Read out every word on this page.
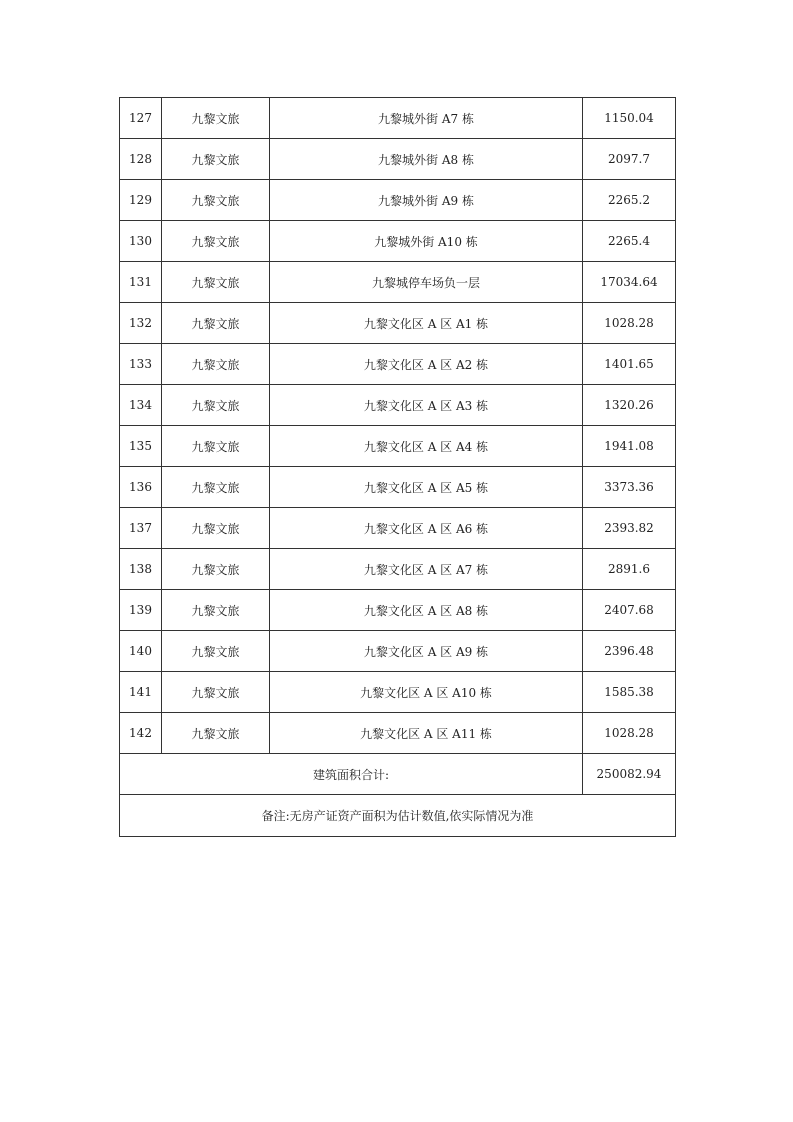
127	九黎文旅	九黎城外街 A7 栋	1150.04
128	九黎文旅	九黎城外街 A8 栋	2097.7
129	九黎文旅	九黎城外街 A9 栋	2265.2
130	九黎文旅	九黎城外街 A10 栋	2265.4
131	九黎文旅	九黎城停车场负一层	17034.64
132	九黎文旅	九黎文化区 A 区 A1 栋	1028.28
133	九黎文旅	九黎文化区 A 区 A2 栋	1401.65
134	九黎文旅	九黎文化区 A 区 A3 栋	1320.26
135	九黎文旅	九黎文化区 A 区 A4 栋	1941.08
136	九黎文旅	九黎文化区 A 区 A5 栋	3373.36
137	九黎文旅	九黎文化区 A 区 A6 栋	2393.82
138	九黎文旅	九黎文化区 A 区 A7 栋	2891.6
139	九黎文旅	九黎文化区 A 区 A8 栋	2407.68
140	九黎文旅	九黎文化区 A 区 A9 栋	2396.48
141	九黎文旅	九黎文化区 A 区 A10 栋	1585.38
142	九黎文旅	九黎文化区 A 区 A11 栋	1028.28
建筑面积合计:			250082.94
备注:无房产证资产面积为估计数值,依实际情况为准			
